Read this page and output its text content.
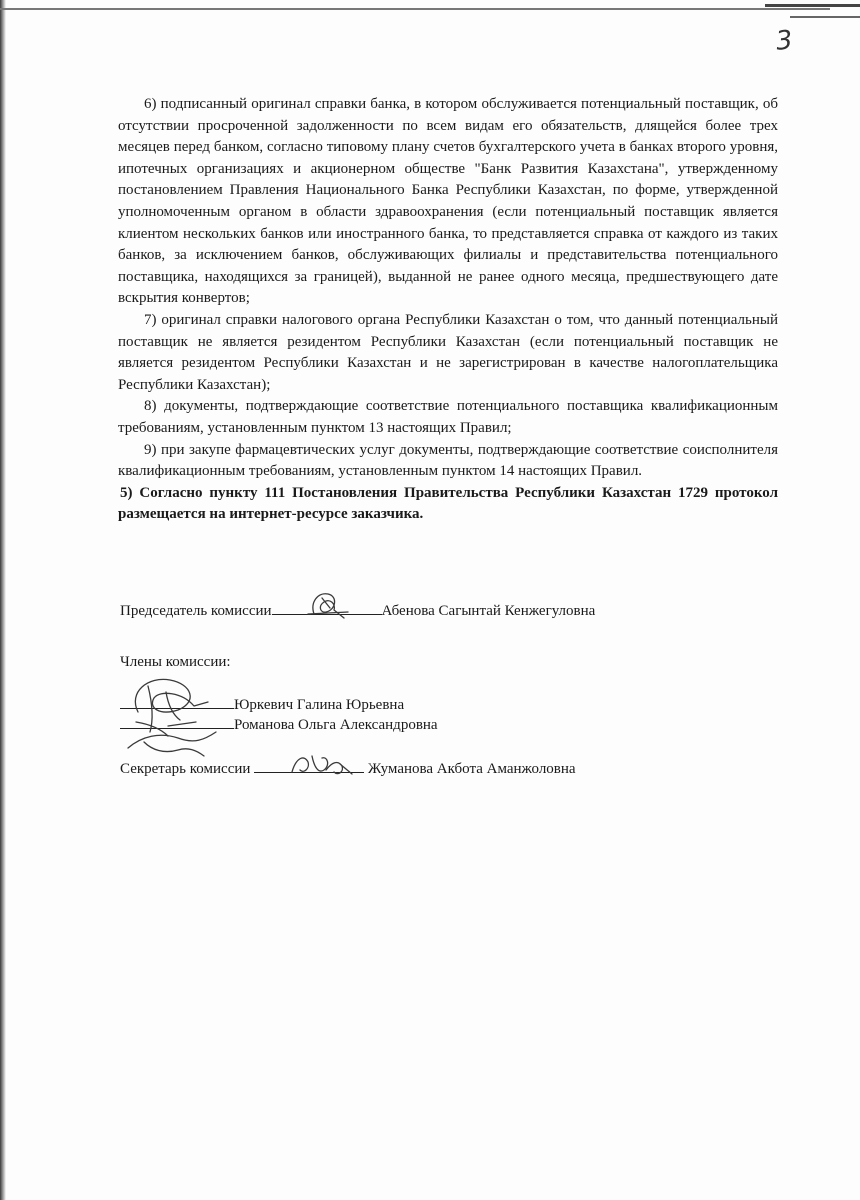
3

6) подписанный оригинал справки банка, в котором обслуживается потенциальный поставщик, об отсутствии просроченной задолженности по всем видам его обязательств, длящейся более трех месяцев перед банком, согласно типовому плану счетов бухгалтерского учета в банках второго уровня, ипотечных организациях и акционерном обществе "Банк Развития Казахстана", утвержденному постановлением Правления Национального Банка Республики Казахстан, по форме, утвержденной уполномоченным органом в области здравоохранения (если потенциальный поставщик является клиентом нескольких банков или иностранного банка, то представляется справка от каждого из таких банков, за исключением банков, обслуживающих филиалы и представительства потенциального поставщика, находящихся за границей), выданной не ранее одного месяца, предшествующего дате вскрытия конвертов;

7) оригинал справки налогового органа Республики Казахстан о том, что данный потенциальный поставщик не является резидентом Республики Казахстан (если потенциальный поставщик не является резидентом Республики Казахстан и не зарегистрирован в качестве налогоплательщика Республики Казахстан);

8) документы, подтверждающие соответствие потенциального поставщика квалификационным требованиям, установленным пунктом 13 настоящих Правил;

9) при закупе фармацевтических услуг документы, подтверждающие соответствие соисполнителя квалификационным требованиям, установленным пунктом 14 настоящих Правил.

5) Согласно пункту 111 Постановления Правительства Республики Казахстан 1729 протокол размещается на интернет-ресурсе заказчика.

Председатель комиссии	Абенова Сагынтай Кенжегуловна
Члены комиссии:
Юркевич Галина Юрьевна
Романова Ольга Александровна
Секретарь комиссии	Жуманова Акбота Аманжоловна
